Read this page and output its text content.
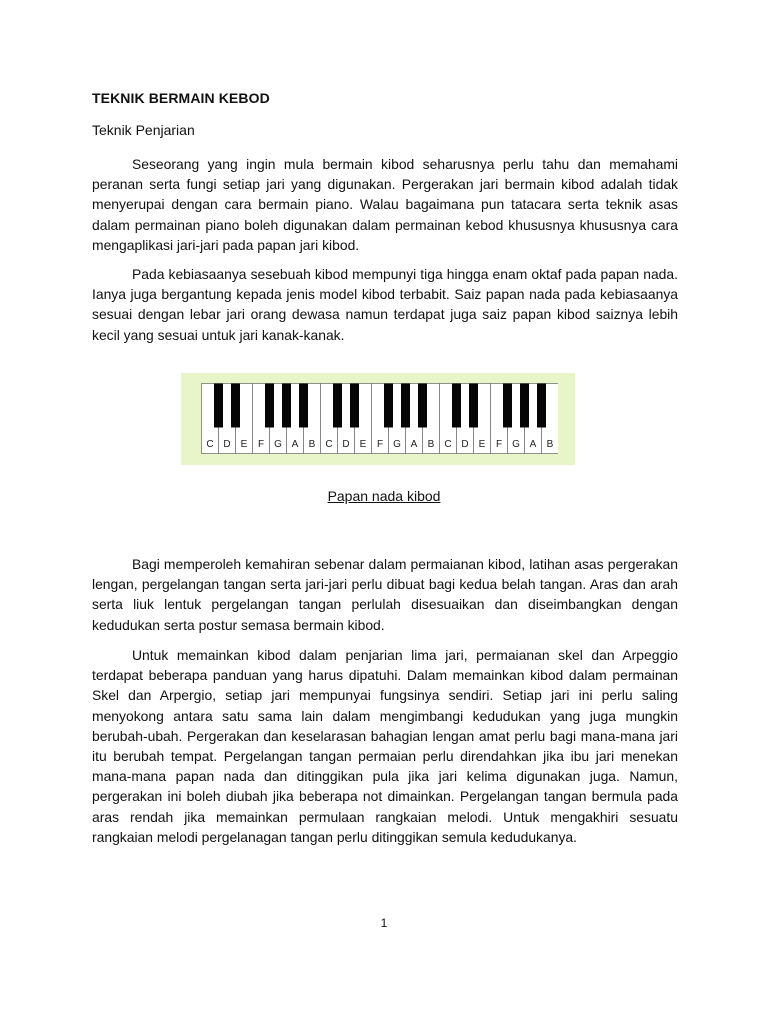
TEKNIK BERMAIN KEBOD
Teknik Penjarian

Seseorang yang ingin mula bermain kibod seharusnya perlu tahu dan memahami peranan serta fungi setiap jari yang digunakan. Pergerakan jari bermain kibod adalah tidak menyerupai dengan cara bermain piano. Walau bagaimana pun tatacara serta teknik asas dalam permainan piano boleh digunakan dalam permainan kebod khususnya khususnya cara mengaplikasi jari-jari pada papan jari kibod.

Pada kebiasaanya sesebuah kibod mempunyi tiga hingga enam oktaf pada papan nada. Ianya juga bergantung kepada jenis model kibod terbabit. Saiz papan nada pada kebiasaanya sesuai dengan lebar jari orang dewasa namun terdapat juga saiz papan kibod saiznya lebih kecil yang sesuai untuk jari kanak-kanak.

C D E F G A B C D E F G A B C D E F G A B
Papan nada kibod

Bagi memperoleh kemahiran sebenar dalam permaianan kibod, latihan asas pergerakan lengan, pergelangan tangan serta jari-jari perlu dibuat bagi kedua belah tangan. Aras dan arah serta liuk lentuk pergelangan tangan perlulah disesuaikan dan diseimbangkan dengan kedudukan serta postur semasa bermain kibod.

Untuk memainkan kibod dalam penjarian lima jari, permaianan skel dan Arpeggio terdapat beberapa panduan yang harus dipatuhi. Dalam memainkan kibod dalam permainan Skel dan Arpergio, setiap jari mempunyai fungsinya sendiri. Setiap jari ini perlu saling menyokong antara satu sama lain dalam mengimbangi kedudukan yang juga mungkin berubah-ubah. Pergerakan dan keselarasan bahagian lengan amat perlu bagi mana-mana jari itu berubah tempat. Pergelangan tangan permaian perlu direndahkan jika ibu jari menekan mana-mana papan nada dan ditinggikan pula jika jari kelima digunakan juga. Namun, pergerakan ini boleh diubah jika beberapa not dimainkan. Pergelangan tangan bermula pada aras rendah jika memainkan permulaan rangkaian melodi. Untuk mengakhiri sesuatu rangkaian melodi pergelanagan tangan perlu ditinggikan semula kedudukanya.

1
